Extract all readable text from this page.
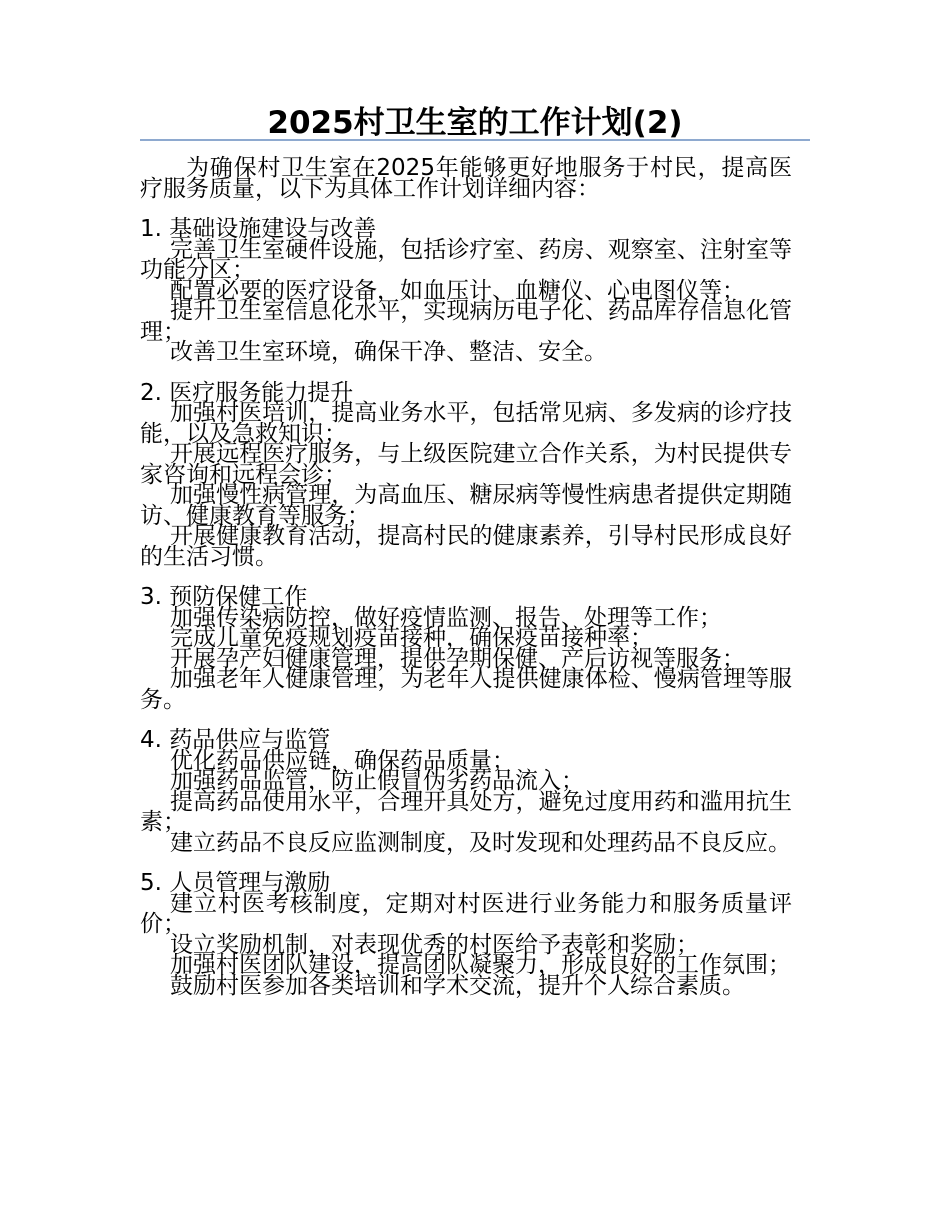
2025村卫生室的工作计划(2)

为确保村卫生室在2025年能够更好地服务于村民，提高医疗服务质量，以下为具体工作计划详细内容：

1. 基础设施建设与改善

完善卫生室硬件设施，包括诊疗室、药房、观察室、注射室等功能分区；

配置必要的医疗设备，如血压计、血糖仪、心电图仪等；

提升卫生室信息化水平，实现病历电子化、药品库存信息化管理；

改善卫生室环境，确保干净、整洁、安全。

2. 医疗服务能力提升

加强村医培训，提高业务水平，包括常见病、多发病的诊疗技能，以及急救知识；

开展远程医疗服务，与上级医院建立合作关系，为村民提供专家咨询和远程会诊；

加强慢性病管理，为高血压、糖尿病等慢性病患者提供定期随访、健康教育等服务；

开展健康教育活动，提高村民的健康素养，引导村民形成良好的生活习惯。

3. 预防保健工作

加强传染病防控，做好疫情监测、报告、处理等工作；

完成儿童免疫规划疫苗接种，确保疫苗接种率；

开展孕产妇健康管理，提供孕期保健、产后访视等服务；

加强老年人健康管理，为老年人提供健康体检、慢病管理等服务。

4. 药品供应与监管

优化药品供应链，确保药品质量；

加强药品监管，防止假冒伪劣药品流入；

提高药品使用水平，合理开具处方，避免过度用药和滥用抗生素；

建立药品不良反应监测制度，及时发现和处理药品不良反应。

5. 人员管理与激励

建立村医考核制度，定期对村医进行业务能力和服务质量评价；

设立奖励机制，对表现优秀的村医给予表彰和奖励；

加强村医团队建设，提高团队凝聚力，形成良好的工作氛围；

鼓励村医参加各类培训和学术交流，提升个人综合素质。
